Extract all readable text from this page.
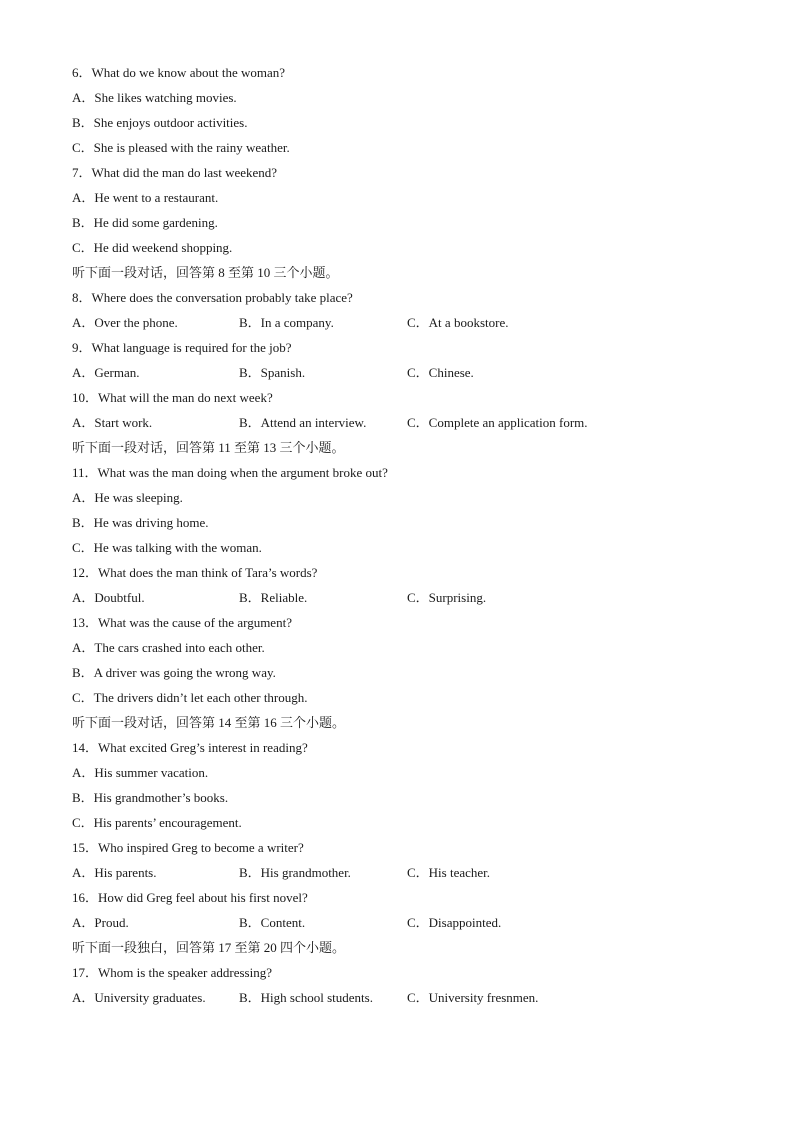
6．What do we know about the woman?
A．She likes watching movies.
B．She enjoys outdoor activities.
C．She is pleased with the rainy weather.
7．What did the man do last weekend?
A．He went to a restaurant.
B．He did some gardening.
C．He did weekend shopping.
听下面一段对话，回答第 8 至第 10 三个小题。
8．Where does the conversation probably take place?
A．Over the phone.	B．In a company.	C．At a bookstore.
9．What language is required for the job?
A．German.	B．Spanish.	C．Chinese.
10．What will the man do next week?
A．Start work.	B．Attend an interview.	C．Complete an application form.
听下面一段对话，回答第 11 至第 13 三个小题。
11．What was the man doing when the argument broke out?
A．He was sleeping.
B．He was driving home.
C．He was talking with the woman.
12．What does the man think of Tara’s words?
A．Doubtful.	B．Reliable.	C．Surprising.
13．What was the cause of the argument?
A．The cars crashed into each other.
B．A driver was going the wrong way.
C．The drivers didn’t let each other through.
听下面一段对话，回答第 14 至第 16 三个小题。
14．What excited Greg’s interest in reading?
A．His summer vacation.
B．His grandmother’s books.
C．His parents’ encouragement.
15．Who inspired Greg to become a writer?
A．His parents.	B．His grandmother.	C．His teacher.
16．How did Greg feel about his first novel?
A．Proud.	B．Content.	C．Disappointed.
听下面一段独白，回答第 17 至第 20 四个小题。
17．Whom is the speaker addressing?
A．University graduates.	B．High school students.	C．University fresnmen.
